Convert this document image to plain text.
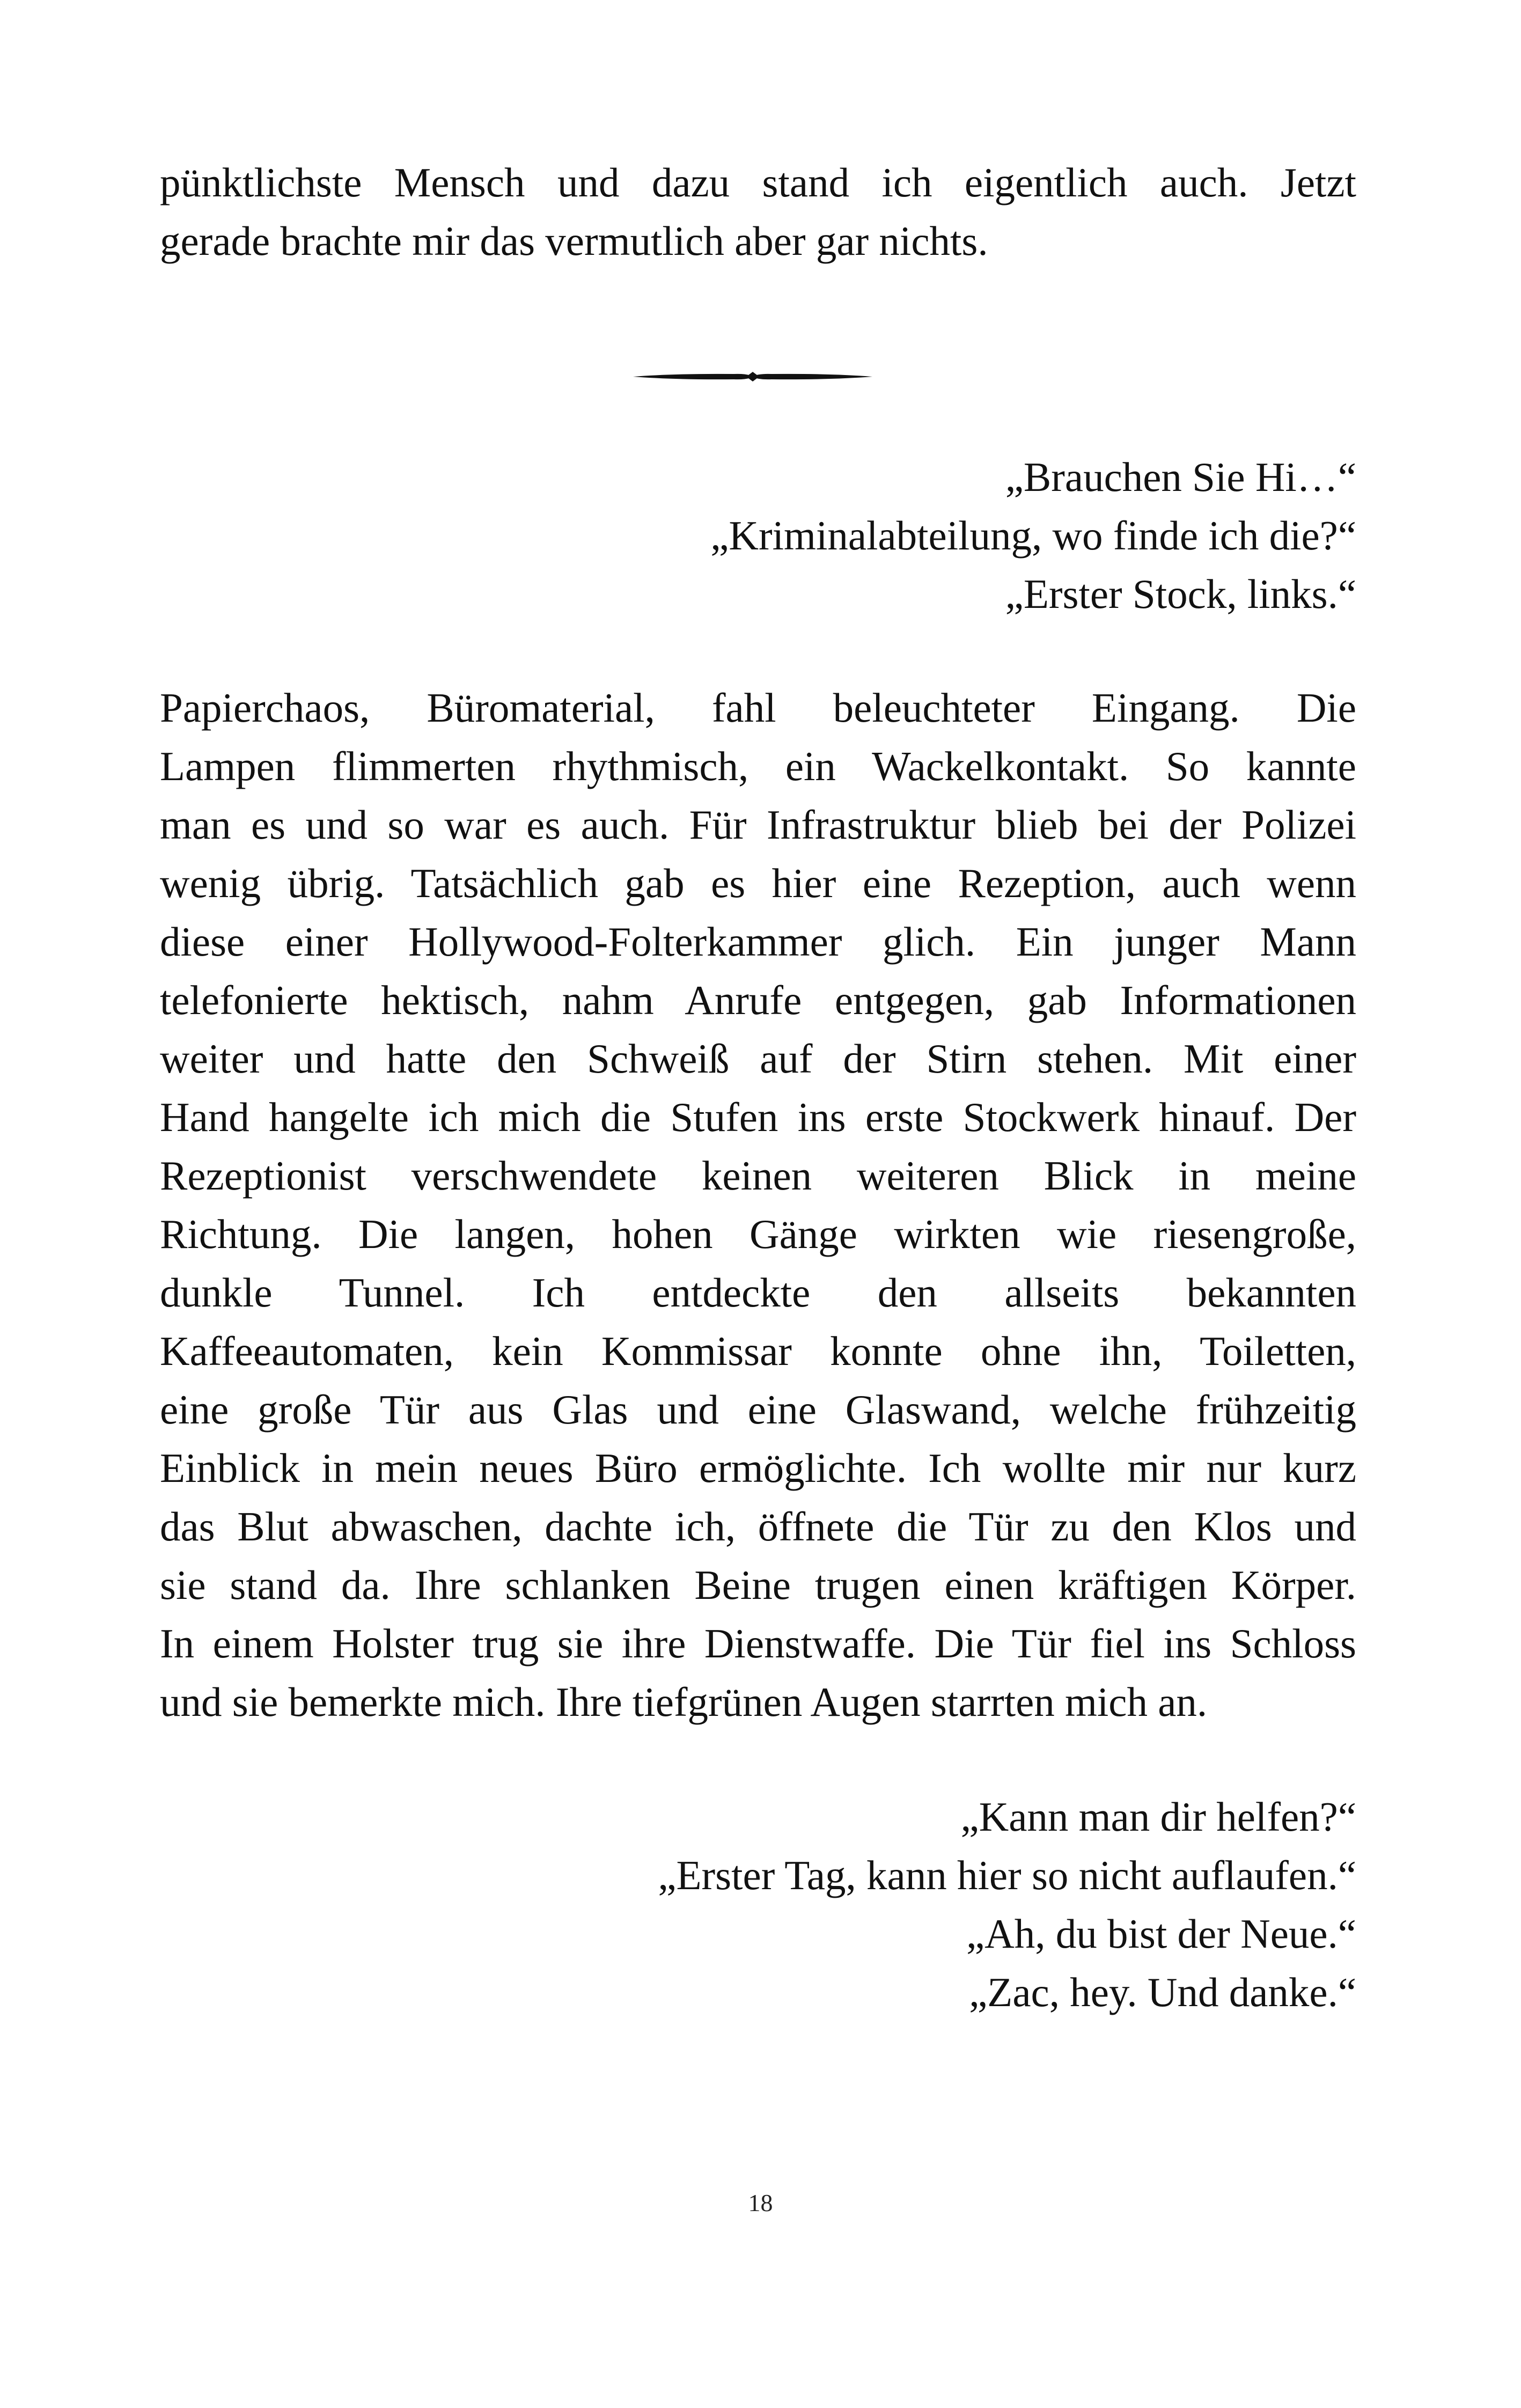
pünktlichste Mensch und dazu stand ich eigentlich auch. Jetzt
gerade brachte mir das vermutlich aber gar nichts.
„Brauchen Sie Hi…“
„Kriminalabteilung, wo finde ich die?“
„Erster Stock, links.“
Papierchaos, Büromaterial, fahl beleuchteter Eingang. Die
Lampen flimmerten rhythmisch, ein Wackelkontakt. So kannte
man es und so war es auch. Für Infrastruktur blieb bei der Polizei
wenig übrig. Tatsächlich gab es hier eine Rezeption, auch wenn
diese einer Hollywood-Folterkammer glich. Ein junger Mann
telefonierte hektisch, nahm Anrufe entgegen, gab Informationen
weiter und hatte den Schweiß auf der Stirn stehen. Mit einer
Hand hangelte ich mich die Stufen ins erste Stockwerk hinauf. Der
Rezeptionist verschwendete keinen weiteren Blick in meine
Richtung. Die langen, hohen Gänge wirkten wie riesengroße,
dunkle Tunnel. Ich entdeckte den allseits bekannten
Kaffeeautomaten, kein Kommissar konnte ohne ihn, Toiletten,
eine große Tür aus Glas und eine Glaswand, welche frühzeitig
Einblick in mein neues Büro ermöglichte. Ich wollte mir nur kurz
das Blut abwaschen, dachte ich, öffnete die Tür zu den Klos und
sie stand da. Ihre schlanken Beine trugen einen kräftigen Körper.
In einem Holster trug sie ihre Dienstwaffe. Die Tür fiel ins Schloss
und sie bemerkte mich. Ihre tiefgrünen Augen starrten mich an.
„Kann man dir helfen?“
„Erster Tag, kann hier so nicht auflaufen.“
„Ah, du bist der Neue.“
„Zac, hey. Und danke.“
18
